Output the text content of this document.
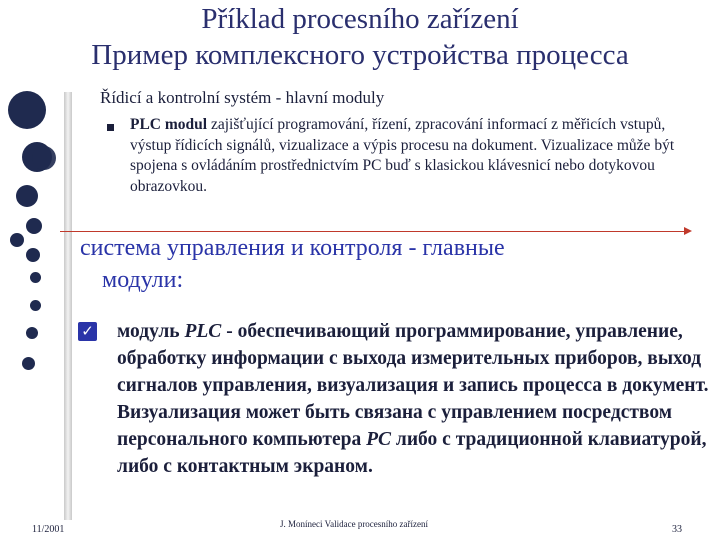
Příklad procesního zařízení
Пример комплексного устройства процесса
Řídicí a kontrolní systém - hlavní moduly
PLC modul zajišťující programování, řízení, zpracování informací z měřicích vstupů, výstup řídicích signálů, vizualizace a výpis procesu na dokument. Vizualizace může být spojena s ovládáním prostřednictvím PC buď s klasickou klávesnicí nebo dotykovou obrazovkou.
система управления и контроля - главные
модули:
✓ модуль PLC - обеспечивающий программирование, управление, обработку информации с выхода измерительных приборов, выход сигналов управления, визуализация и запись процесса в документ. Визуализация может быть связана с управлением посредством персонального компьютера PC либо с традиционной клавиатурой, либо с контактным экраном.
11/2001	J. Moníneci Validace procesního zařízení	33
